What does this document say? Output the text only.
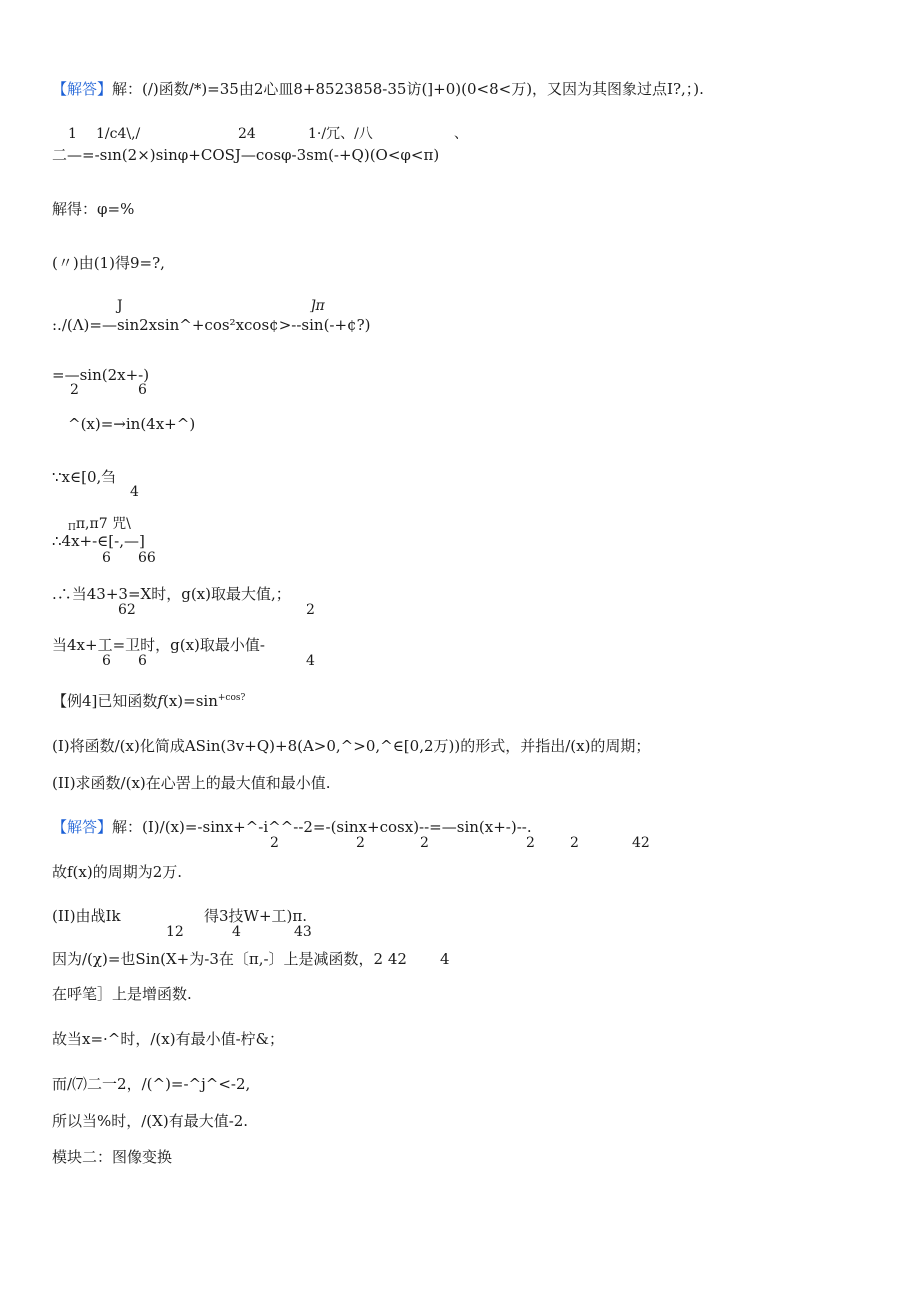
【解答】解：(/)函数/*)=35由2心皿8+8523858-35访(]+0)(0<8<万)，又因为其图象过点I?,；).
1 1/c4\,/	24	1·/冗、/八	、
二—=-sın(2×)sinφ+COSJ—cosφ-3sm(-+Q)(O<φ<π)
解得：φ=%
(〃)由(1)得9=?,
J	]π
:./(Λ)=—sin2xsin^+cos²xcos¢>--sin(-+¢?)
=—sin(2x+-)
2	6
^(x)=→in(4x+^)
∵x∈[0,刍
4
$_\Pi$π,π7 咒\
∴4x+-∈[-,—]
6 66
.∴当43+3=X时，g(x)取最大值,；
62	2
当4x+工=卫时，g(x)取最小值-
6 6	4
【例4]已知函数$f(x)=\sin^{+cos?}$
(I)将函数/(x)化简成ASin(3v+Q)+8(A>0,^>0,^∈[0,2万))的形式，并指出/(x)的周期；
(II)求函数/(x)在心罟上的最大值和最小值.
【解答】解：(I)/(x)=-sinx+^-i^^--2=-(sinx+cosx)--=—sin(x+-)--.
2	2	2	2	2	42
故f(x)的周期为2万.
(II)由战Ik	得3技W+工)π.
12	4	43
因为/(χ)=也Sin(X+为-3在〔π,-〕上是减函数，2 42 4
在呼笔］上是增函数.
故当x=·^时，/(x)有最小值-柠&；
而/⑺二一2，/(^)=-^j^<-2,
所以当%时，/(X)有最大值-2.
模块二：图像变换
